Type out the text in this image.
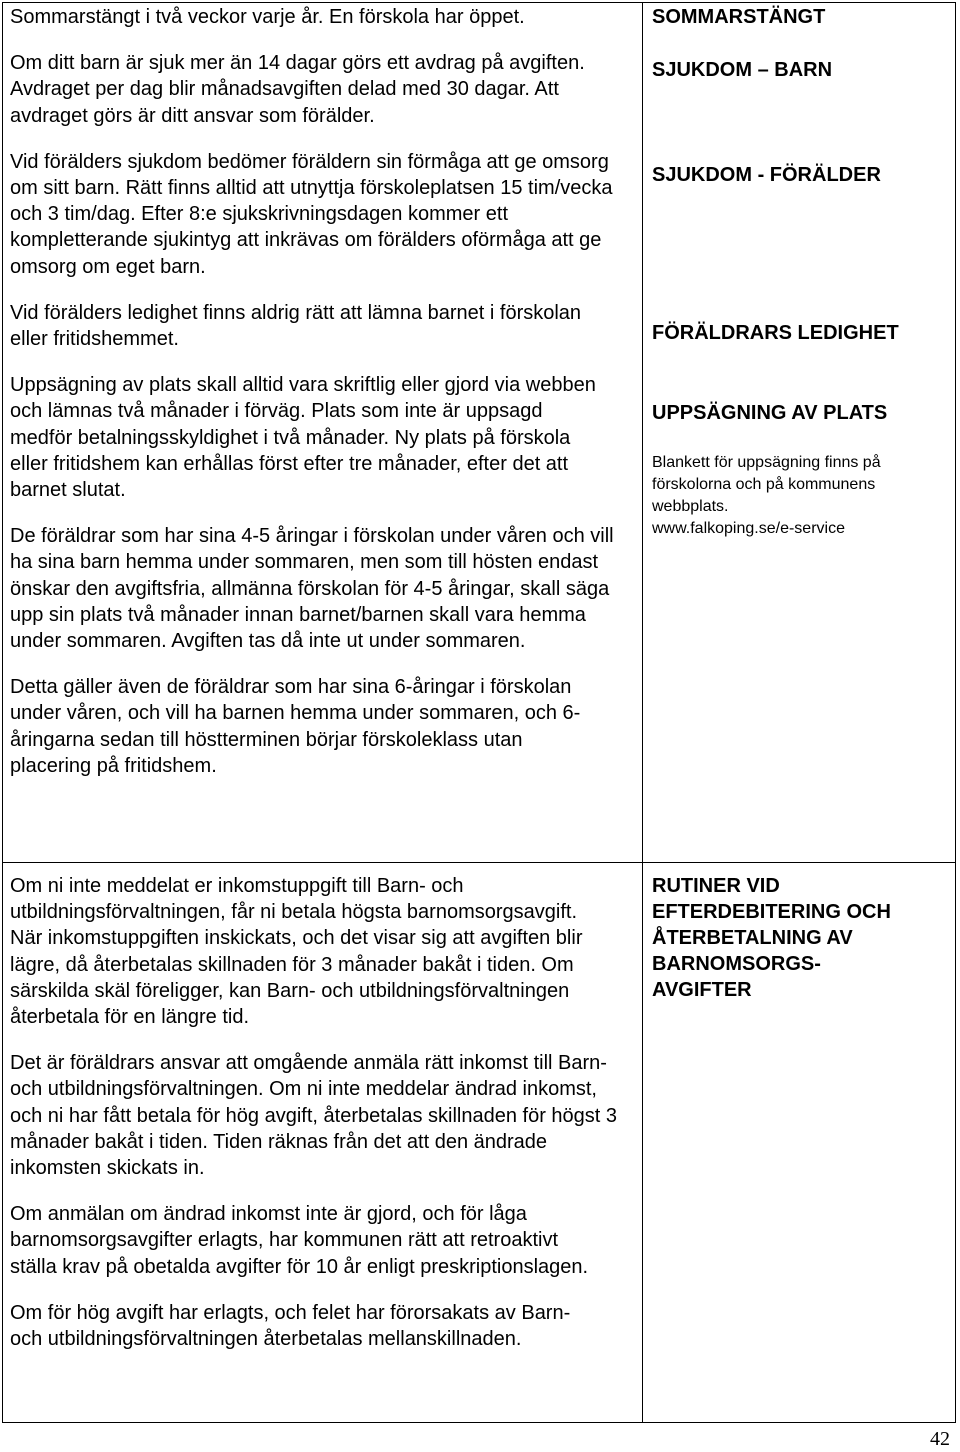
Sommarstängt i två veckor varje år. En förskola har öppet.

Om ditt barn är sjuk mer än 14 dagar görs ett avdrag på avgiften. Avdraget per dag blir månadsavgiften delad med 30 dagar. Att avdraget görs är ditt ansvar som förälder.

Vid förälders sjukdom bedömer föräldern sin förmåga att ge omsorg om sitt barn. Rätt finns alltid att utnyttja förskoleplatsen 15 tim/vecka och 3 tim/dag. Efter 8:e sjukskrivningsdagen kommer ett kompletterande sjukintyg att inkrävas om förälders oförmåga att ge omsorg om eget barn.

Vid förälders ledighet finns aldrig rätt att lämna barnet i förskolan eller fritidshemmet.

Uppsägning av plats skall alltid vara skriftlig eller gjord via webben och lämnas två månader i förväg. Plats som inte är uppsagd medför betalningsskyldighet i två månader. Ny plats på förskola eller fritidshem kan erhållas först efter tre månader, efter det att barnet slutat.

De föräldrar som har sina 4-5 åringar i förskolan under våren och vill ha sina barn hemma under sommaren, men som till hösten endast önskar den avgiftsfria, allmänna förskolan för 4-5 åringar, skall säga upp sin plats två månader innan barnet/barnen skall vara hemma under sommaren. Avgiften tas då inte ut under sommaren.

Detta gäller även de föräldrar som har sina 6-åringar i förskolan under våren, och vill ha barnen hemma under sommaren, och 6-åringarna sedan till höstterminen börjar förskoleklass utan placering på fritidshem.

SOMMARSTÄNGT

SJUKDOM – BARN

SJUKDOM - FÖRÄLDER

FÖRÄLDRARS LEDIGHET

UPPSÄGNING AV PLATS

Blankett för uppsägning finns på förskolorna och på kommunens webbplats.

www.falkoping.se/e-service

Om ni inte meddelat er inkomstuppgift till Barn- och utbildningsförvaltningen, får ni betala högsta barnomsorgsavgift. När inkomstuppgiften inskickats, och det visar sig att avgiften blir lägre, då återbetalas skillnaden för 3 månader bakåt i tiden. Om särskilda skäl föreligger, kan Barn- och utbildningsförvaltningen återbetala för en längre tid.

Det är föräldrars ansvar att omgående anmäla rätt inkomst till Barn- och utbildningsförvaltningen. Om ni inte meddelar ändrad inkomst, och ni har fått betala för hög avgift, återbetalas skillnaden för högst 3 månader bakåt i tiden. Tiden räknas från det att den ändrade inkomsten skickats in.

Om anmälan om ändrad inkomst inte är gjord, och för låga barnomsorgsavgifter erlagts, har kommunen rätt att retroaktivt ställa krav på obetalda avgifter för 10 år enligt preskriptionslagen.

Om för hög avgift har erlagts, och felet har förorsakats av Barn- och utbildningsförvaltningen återbetalas mellanskillnaden.

RUTINER VID EFTERDEBITERING OCH ÅTERBETALNING AV BARNOMSORGS-AVGIFTER

42
